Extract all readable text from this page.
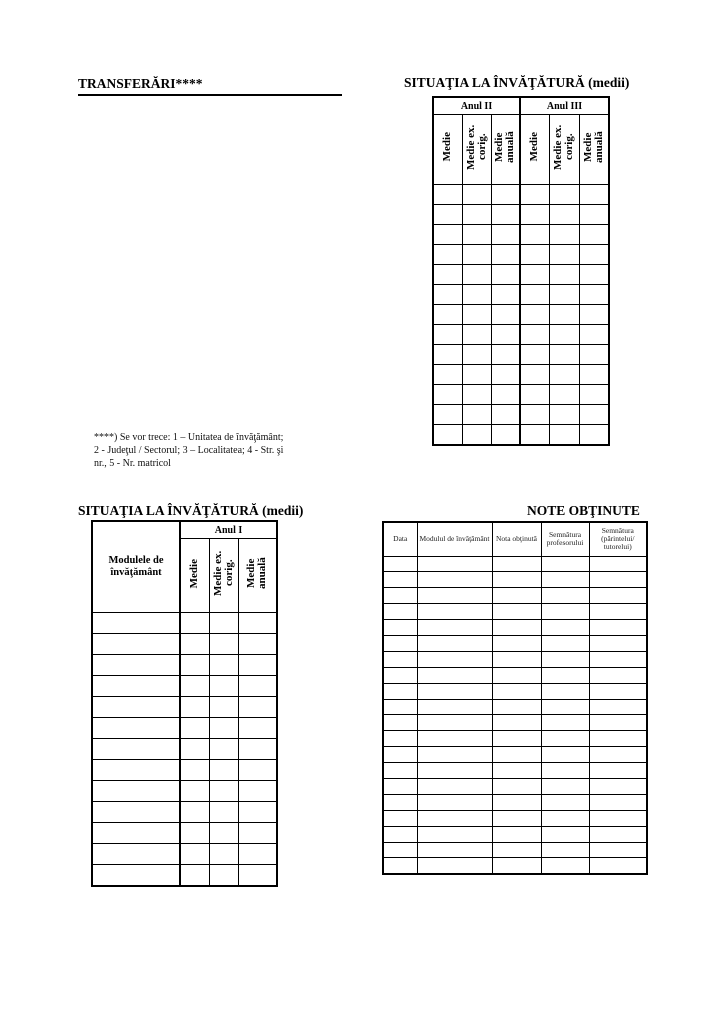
TRANSFERĂRI****
****) Se vor trece: 1 – Unitatea de învăţământ;
2 - Judeţul / Sectorul; 3 – Localitatea; 4 - Str. şi
nr., 5 - Nr. matricol
SITUAŢIA LA ÎNVĂŢĂTURĂ (medii)
Anul II			Anul III		
Medie	Medie ex. corig.	Medie anuală	Medie	Medie ex. corig.	Medie anuală

SITUAŢIA LA ÎNVĂŢĂTURĂ (medii)
Modulele de învăţământ	Anul I		
	Medie	Medie ex. corig.	Medie anuală

NOTE OBŢINUTE
Data	Modulul de învăţământ	Nota obţinută	Semnătura profesorului	Semnătura (părintelui/ tutorelui)
